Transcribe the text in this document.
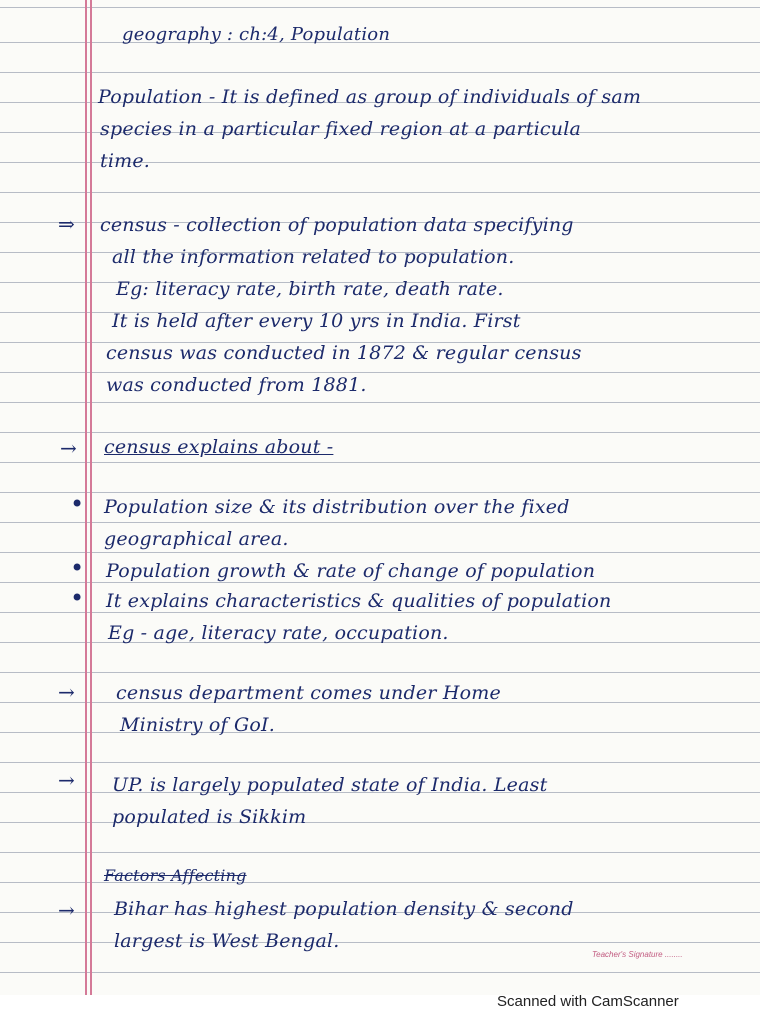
geography : ch:4, Population
Population - It is defined as group of individuals of sam
species in a particular fixed region at a particula
time.
⇒ census - collection of population data specifying
all the information related to population.
Eg: literacy rate, birth rate, death rate.
It is held after every 10 yrs in India. First
census was conducted in 1872 & regular census
was conducted from 1881.
→ census explains about -
• Population size & its distribution over the fixed
geographical area.
• Population growth & rate of change of population
• It explains characteristics & qualities of population
Eg - age, literacy rate, occupation.
→ census department comes under Home
Ministry of GoI.
→ UP. is largely populated state of India. Least
populated is Sikkim
Factors Affecting
→ Bihar has highest population density & second
largest is West Bengal.
Teacher's Signature ........
Scanned with CamScanner
